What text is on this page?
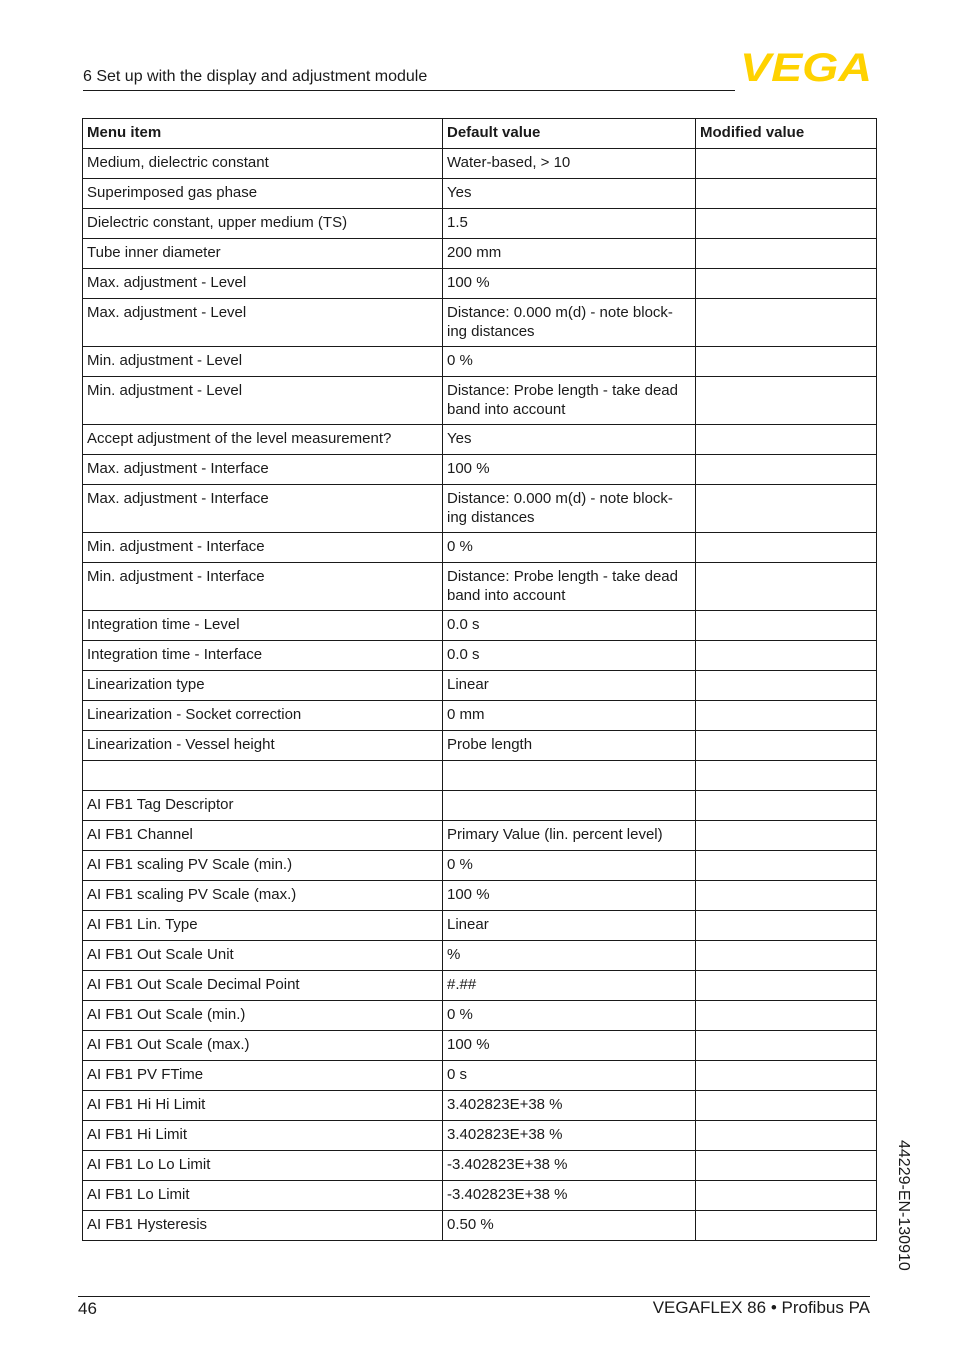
6 Set up with the display and adjustment module	VEGA
Menu item	Default value	Modified value
Medium, dielectric constant	Water-based, > 10	
Superimposed gas phase	Yes	
Dielectric constant, upper medium (TS)	1.5	
Tube inner diameter	200 mm	
Max. adjustment - Level	100 %	
Max. adjustment - Level	Distance: 0.000 m(d) - note block-ing distances	
Min. adjustment - Level	0 %	
Min. adjustment - Level	Distance: Probe length - take dead band into account	
Accept adjustment of the level measurement?	Yes	
Max. adjustment - Interface	100 %	
Max. adjustment - Interface	Distance: 0.000 m(d) - note block-ing distances	
Min. adjustment - Interface	0 %	
Min. adjustment - Interface	Distance: Probe length - take dead band into account	
Integration time - Level	0.0 s	
Integration time - Interface	0.0 s	
Linearization type	Linear	
Linearization - Socket correction	0 mm	
Linearization - Vessel height	Probe length	

AI FB1 Tag Descriptor		
AI FB1 Channel	Primary Value (lin. percent level)	
AI FB1 scaling PV Scale (min.)	0 %	
AI FB1 scaling PV Scale (max.)	100 %	
AI FB1 Lin. Type	Linear	
AI FB1 Out Scale Unit	%	
AI FB1 Out Scale Decimal Point	#.##	
AI FB1 Out Scale (min.)	0 %	
AI FB1 Out Scale (max.)	100 %	
AI FB1 PV FTime	0 s	
AI FB1 Hi Hi Limit	3.402823E+38 %	
AI FB1 Hi Limit	3.402823E+38 %	
AI FB1 Lo Lo Limit	-3.402823E+38 %	
AI FB1 Lo Limit	-3.402823E+38 %	
AI FB1 Hysteresis	0.50 %		44229-EN-130910
46	VEGAFLEX 86 • Profibus PA
